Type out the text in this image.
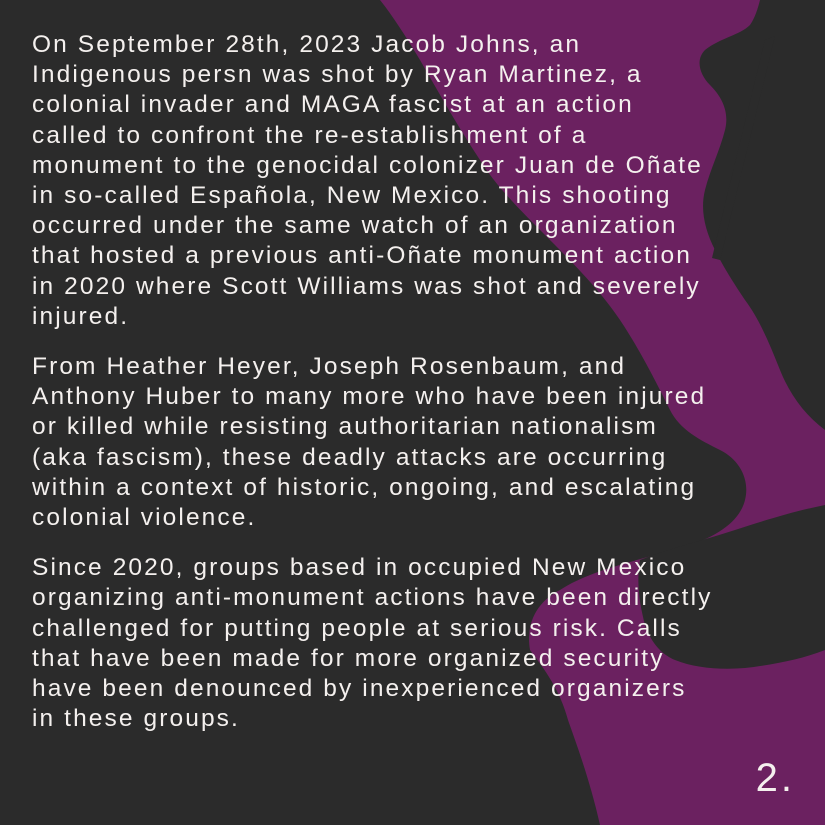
On September 28th, 2023 Jacob Johns, an
Indigenous persn was shot by Ryan Martinez, a
colonial invader and MAGA fascist at an action
called to confront the re-establishment of a
monument to the genocidal colonizer Juan de Oñate
in so-called Española, New Mexico. This shooting
occurred under the same watch of an organization
that hosted a previous anti-Oñate monument action
in 2020 where Scott Williams was shot and severely
injured.

From Heather Heyer, Joseph Rosenbaum, and
Anthony Huber to many more who have been injured
or killed while resisting authoritarian nationalism
(aka fascism), these deadly attacks are occurring
within a context of historic, ongoing, and escalating
colonial violence.

Since 2020, groups based in occupied New Mexico
organizing anti-monument actions have been directly
challenged for putting people at serious risk. Calls
that have been made for more organized security
have been denounced by inexperienced organizers
in these groups.

2.
